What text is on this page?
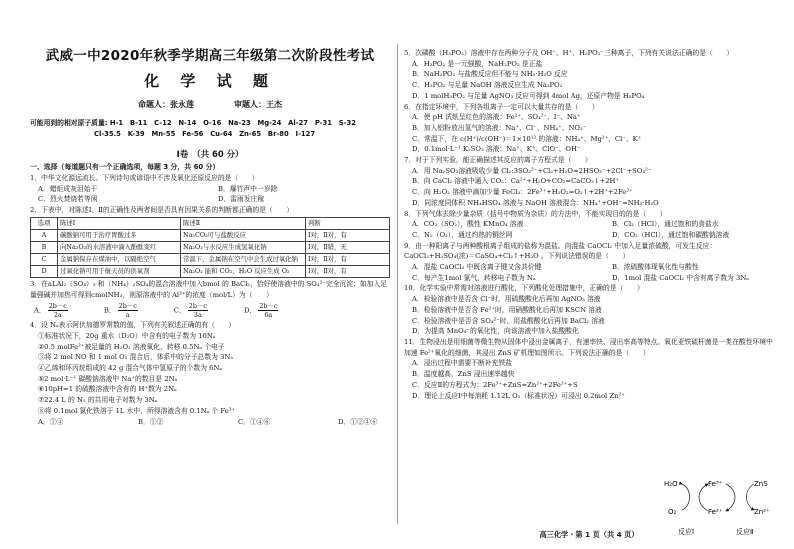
武威一中2020年秋季学期高三年级第二次阶段性考试
化 学 试 题
命题人：张永莲	审题人：王杰
可能用到的相对原子质量: H-1　B-11　C-12　N-14　O-16　Na-23　Mg-24　Al-27　P-31　S-32
Cl-35.5　K-39　Mn-55　Fe-56　Cu-64　Zn-65　Br-80　I-127
I卷　（共 60 分）
一、选择（每道题只有一个正确选项，每题 3 分，共 60 分）
1．中华文化源远流长。下列诗句或谚语中不涉及氧化还原反应的是（　　）
A．蜡炬成灰泪始干	B．爆竹声中一岁除
C．烈火焚烧若等闲	D．雷雨发庄稼
2．下表中，对陈述Ⅰ、Ⅱ的正确性及两者间是否具有因果关系的判断都正确的是（　　）
选项	陈述Ⅰ	陈述Ⅱ	判断
A	碳酸钠可用于治疗胃酸过多	Na₂CO₃可与盐酸反应	Ⅰ对，Ⅱ对，有
B	向Na₂O₂的水溶液中滴入酚酞变红	Na₂O₂与水反应生成氢氧化钠	Ⅰ对，Ⅱ错，无
C	金属钠保存在煤油中，以隔绝空气	常温下，金属钠在空气中会生成过氧化钠	Ⅰ对，Ⅱ对，有
D	过氧化钠可用于航天员的供氧剂	Na₂O₂ 能和 CO₂、H₂O 反应生成 O₂	Ⅰ对，Ⅱ对，有
3．在aLAl₂（SO₄）₃ 和（NH₄）₂SO₄的混合溶液中加入bmol 的 BaCl₂，恰好使溶液中的 SO₄²⁻完全沉淀；如加入足量强碱并加热可得到cmolNH₃，则原溶液中的 Al³⁺的浓度（mol/L）为（　　）
A． $\frac{2b-c}{2a}$	B． $\frac{2b-c}{a}$	C． $\frac{2b-c}{3a}$	D． $\frac{2b-c}{6a}$
4．设 Nₐ表示阿伏加德罗常数的值，下列有关叙述正确的有（　　）
①标准状况下，20g 重水（D₂O）中含有的电子数为 10Nₐ
②0.5 molFe²⁺被足量的 H₂O₂ 溶液氧化，转移 0.5Nₐ 个电子
③将 2 mol NO 和 1 mol O₂ 混合后，体系中的分子总数为 3Nₐ
④乙烯和环丙烷组成的 42 g 混合气体中氢原子的个数为 6Nₐ
⑤2 mol·L⁻¹ 碳酸钠溶液中 Na⁺的数目是 2Nₐ
⑥10pH=1 的硫酸溶液中含有的 H⁺数为 2Nₐ
⑦22.4 L 的 N₂ 的共用电子对数为 3Nₐ
⑧将 0.1mol 氯化铁溶于 1L 水中，所得溶液含有 0.1Nₐ 个 Fe³⁺
A．①④	B．①②	C．①④⑥	D．①②④⑥
5．次磷酸（H₃PO₂）溶液中存在两种分子及 OH⁻、H⁺、H₂PO₂⁻三种离子，下列有关说法正确的是（　　）
A．H₃PO₂ 是一元强酸，NaH₂PO₂ 是正盐
B．NaH₂PO₂ 与盐酸反应但不能与 NH₃·H₂O 反应
C．H₃PO₂ 与足量 NaOH 溶液反应生成 Na₃PO₂
D．1 molH₃PO₂ 与足量 AgNO₃ 反应可得到 4mol Ag，还原产物是 H₃PO₄
6．在指定环境中，下列各组离子一定可以大量共存的是（　　）
A．使 pH 试纸呈红色的溶液：Fe²⁺、SO₄²⁻、I⁻、Na⁺
B．加入铝粉放出氢气的溶液：Na⁺、Cl⁻、NH₄⁺、NO₃⁻
C．常温下，在 c(H⁺)/c(OH⁻)＝1×10¹² 的溶液：NH₄⁺、Mg²⁺、Cl⁻、K⁺
D．0.1mol·L⁻¹ K₂SO₃ 溶液：Na⁺、K⁺、ClO⁻、OH⁻
7．对于下列实验，能正确描述其反应的离子方程式是（　　）
A．用 Na₂SO₃溶液吸收少量 Cl₂:3SO₃²⁻+Cl₂+H₂O=2HSO₃⁻+2Cl⁻+SO₄²⁻
B．向 CaCl₂ 溶液中通入 CO₂：Ca²⁺+H₂O+CO₂=CaCO₃↓+2H⁺
C．向 H₂O₂ 溶液中滴加少量 FeCl₃：2Fe³⁺+H₂O₂=O₂↑+2H⁺+2Fe²⁺
D．同浓度同体积 NH₄HSO₄ 溶液与 NaOH 溶液混合：NH₄⁺+OH⁻=NH₃·H₂O
8．下列气体去除少量杂质（括号中物质为杂质）的方法中，不能实现目的的是（　　）
A．CO₂（SO₂），酸性 KMnO₄ 溶液	B．Cl₂（HCl），通过饱和的食盐水
C．N₂（O₂），通过灼热的铜丝网	D．CO₂（HCl），通过饱和碳酸钠溶液
9．由一种阳离子与两种酸根离子组成的盐称为混盐。向混盐 CaOCl₂ 中加入足量浓硫酸，可发生反应：CaOCl₂+H₂SO₄(浓)＝CaSO₄+Cl₂↑+H₂O 。下列说法错误的是（　　）
A．混盐 CaOCl₂ 中既含离子键又含共价键	B．浓硫酸体现氧化性与酸性
C．每产生1mol 氯气，转移电子数为 Nₐ	D．1mol 混盐 CaOCl₂ 中含有离子数为 3Nₐ
10．化学实验中常需对溶液进行酸化，下列酸化处理措施中，正确的是（　　）
A．检验溶液中是否含 Cl⁻时，用硫酸酸化后再加 AgNO₃ 溶液
B．检验溶液中是否含 Fe²⁺时，用硝酸酸化后再加 KSCN 溶液
C．检验溶液中是否含 SO₄²⁻时，用盐酸酸化后再加 BaCl₂ 溶液
D．为提高 MnO₄⁻的氧化性，向该溶液中加入盐酸酸化
11．生物浸出是用细菌等微生物从固体中浸出金属离子，有速率快、浸出率高等特点。氧化亚铁硫杆菌是一类在酸性环境中加速 Fe²⁺氧化的细菌，其浸出 ZnS 矿机理如图所示。下列说法正确的是（　　）
A．浸出过程中需要不断补充铁盐
B．温度越高，ZnS 浸出速率越快
C．反应Ⅱ的方程式为：2Fe³⁺+ZnS=Zn²⁺+2Fe²⁺+S
D．理论上反应Ⅰ中每消耗 1.12L O₂（标准状况）可浸出 0.2mol Zn²⁺
H₂O	Fe³⁺	ZnS
O₂	Fe²⁺	Zn²⁺
反应Ⅰ	反应Ⅱ
高三化学・第 1 页（共 4 页）
